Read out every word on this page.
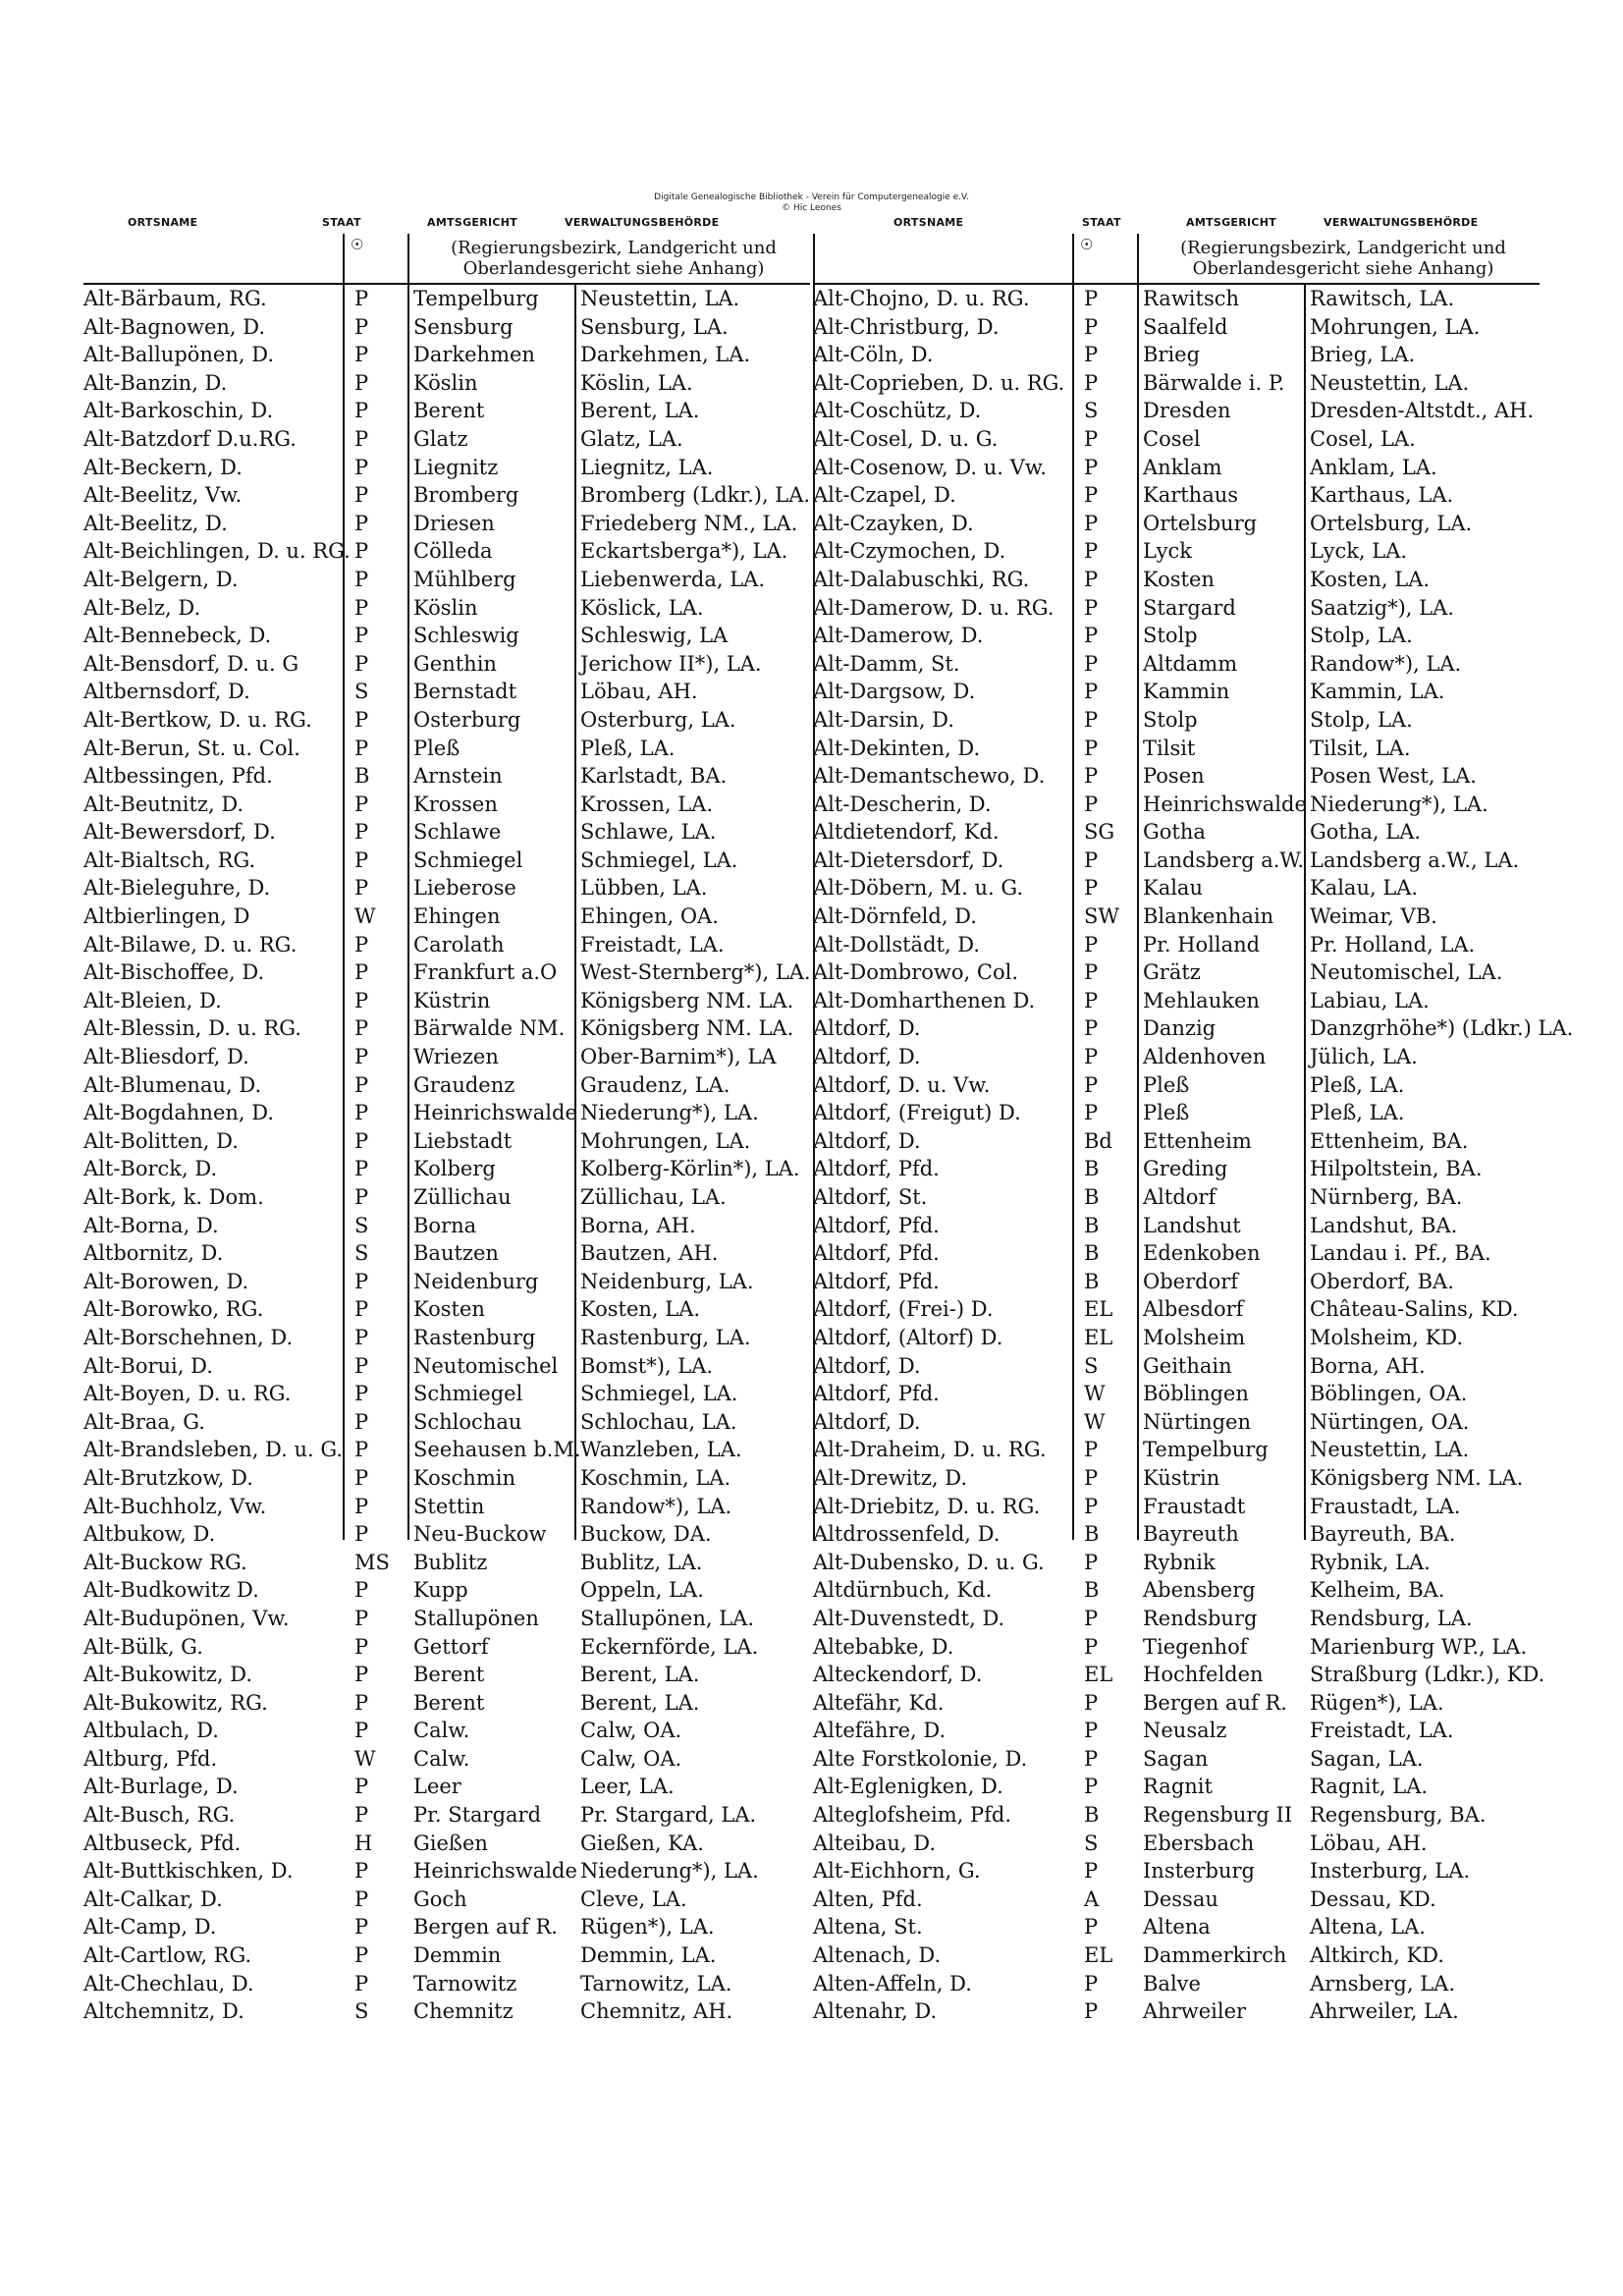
Digitale Genealogische Bibliothek - Verein für Computergenealogie e.V.
© Hic Leones
ORTSNAME	STAAT	AMTSGERICHT	VERWALTUNGSBEHÖRDE	ORTSNAME	STAAT	AMTSGERICHT	VERWALTUNGSBEHÖRDE
☉	(Regierungsbezirk, Landgericht und Oberlandesgericht siehe Anhang)
Alt-Bärbaum, RG.	P	Tempelburg	Neustettin, LA.
Alt-Bagnowen, D.	P	Sensburg	Sensburg, LA.
Alt-Ballupönen, D.	P	Darkehmen	Darkehmen, LA.
Alt-Banzin, D.	P	Köslin	Köslin, LA.
Alt-Barkoschin, D.	P	Berent	Berent, LA.
Alt-Batzdorf D.u.RG.	P	Glatz	Glatz, LA.
Alt-Beckern, D.	P	Liegnitz	Liegnitz, LA.
Alt-Beelitz, Vw.	P	Bromberg	Bromberg (Ldkr.), LA.
Alt-Beelitz, D.	P	Driesen	Friedeberg NM., LA.
Alt-Beichlingen, D. u. RG. P	Cölleda	Eckartsberga*), LA.
Alt-Belgern, D.	P	Mühlberg	Liebenwerda, LA.
Alt-Belz, D.	P	Köslin	Köslick, LA.
Alt-Bennebeck, D.	P	Schleswig	Schleswig, LA
Alt-Bensdorf, D. u. G	P	Genthin	Jerichow II*), LA.
Altbernsdorf, D.	S	Bernstadt	Löbau, AH.
Alt-Bertkow, D. u. RG.	P	Osterburg	Osterburg, LA.
Alt-Berun, St. u. Col.	P	Pleß	Pleß, LA.
Altbessingen, Pfd.	B	Arnstein	Karlstadt, BA.
Alt-Beutnitz, D.	P	Krossen	Krossen, LA.
Alt-Bewersdorf, D.	P	Schlawe	Schlawe, LA.
Alt-Bialtsch, RG.	P	Schmiegel	Schmiegel, LA.
Alt-Bieleguhre, D.	P	Lieberose	Lübben, LA.
Altbierlingen, D	W	Ehingen	Ehingen, OA.
Alt-Bilawe, D. u. RG.	P	Carolath	Freistadt, LA.
Alt-Bischoffee, D.	P	Frankfurt a.O	West-Sternberg*), LA.
Alt-Bleien, D.	P	Küstrin	Königsberg NM. LA.
Alt-Blessin, D. u. RG.	P	Bärwalde NM. Königsberg NM. LA.
Alt-Bliesdorf, D.	P	Wriezen	Ober-Barnim*), LA
Alt-Blumenau, D.	P	Graudenz	Graudenz, LA.
Alt-Bogdahnen, D.	P	Heinrichswalde Niederung*), LA.
Alt-Bolitten, D.	P	Liebstadt	Mohrungen, LA.
Alt-Borck, D.	P	Kolberg	Kolberg-Körlin*), LA.
Alt-Bork, k. Dom.	P	Züllichau	Züllichau, LA.
Alt-Borna, D.	S	Borna	Borna, AH.
Altbornitz, D.	S	Bautzen	Bautzen, AH.
Alt-Borowen, D.	P	Neidenburg	Neidenburg, LA.
Alt-Borowko, RG.	P	Kosten	Kosten, LA.
Alt-Borschehnen, D.	P	Rastenburg	Rastenburg, LA.
Alt-Borui, D.	P	Neutomischel	Bomst*), LA.
Alt-Boyen, D. u. RG.	P	Schmiegel	Schmiegel, LA.
Alt-Braa, G.	P	Schlochau	Schlochau, LA.
Alt-Brandsleben, D. u. G. P	Seehausen b.M. Wanzleben, LA.
Alt-Brutzkow, D.	P	Koschmin	Koschmin, LA.
Alt-Buchholz, Vw.	P	Stettin	Randow*), LA.
Altbukow, D.	P	Neu-Buckow	Buckow, DA.
Alt-Buckow RG.	MS	Bublitz	Bublitz, LA.
Alt-Budkowitz D.	P	Kupp	Oppeln, LA.
Alt-Budupönen, Vw.	P	Stallupönen	Stallupönen, LA.
Alt-Bülk, G.	P	Gettorf	Eckernförde, LA.
Alt-Bukowitz, D.	P	Berent	Berent, LA.
Alt-Bukowitz, RG.	P	Berent	Berent, LA.
Altbulach, D.	P	Calw.	Calw, OA.
Altburg, Pfd.	W	Calw.	Calw, OA.
Alt-Burlage, D.	P	Leer	Leer, LA.
Alt-Busch, RG.	P	Pr. Stargard	Pr. Stargard, LA.
Altbuseck, Pfd.	H	Gießen	Gießen, KA.
Alt-Buttkischken, D.	P	Heinrichswalde Niederung*), LA.
Alt-Calkar, D.	P	Goch	Cleve, LA.
Alt-Camp, D.	P	Bergen auf R.	Rügen*), LA.
Alt-Cartlow, RG.	P	Demmin	Demmin, LA.
Alt-Chechlau, D.	P	Tarnowitz	Tarnowitz, LA.
Altchemnitz, D.	S	Chemnitz	Chemnitz, AH.
☉	(Regierungsbezirk, Landgericht und Oberlandesgericht siehe Anhang)
Alt-Chojno, D. u. RG.	P	Rawitsch	Rawitsch, LA.
Alt-Christburg, D.	P	Saalfeld	Mohrungen, LA.
Alt-Cöln, D.	P	Brieg	Brieg, LA.
Alt-Coprieben, D. u. RG. P	Bärwalde i. P.	Neustettin, LA.
Alt-Coschütz, D.	S	Dresden	Dresden-Altstdt., AH.
Alt-Cosel, D. u. G.	P	Cosel	Cosel, LA.
Alt-Cosenow, D. u. Vw.	P	Anklam	Anklam, LA.
Alt-Czapel, D.	P	Karthaus	Karthaus, LA.
Alt-Czayken, D.	P	Ortelsburg	Ortelsburg, LA.
Alt-Czymochen, D.	P	Lyck	Lyck, LA.
Alt-Dalabuschki, RG.	P	Kosten	Kosten, LA.
Alt-Damerow, D. u. RG.	P	Stargard	Saatzig*), LA.
Alt-Damerow, D.	P	Stolp	Stolp, LA.
Alt-Damm, St.	P	Altdamm	Randow*), LA.
Alt-Dargsow, D.	P	Kammin	Kammin, LA.
Alt-Darsin, D.	P	Stolp	Stolp, LA.
Alt-Dekinten, D.	P	Tilsit	Tilsit, LA.
Alt-Demantschewo, D.	P	Posen	Posen West, LA.
Alt-Descherin, D.	P	Heinrichswalde Niederung*), LA.
Altdietendorf, Kd.	SG	Gotha	Gotha, LA.
Alt-Dietersdorf, D.	P	Landsberg a.W. Landsberg a.W., LA.
Alt-Döbern, M. u. G.	P	Kalau	Kalau, LA.
Alt-Dörnfeld, D.	SW	Blankenhain	Weimar, VB.
Alt-Dollstädt, D.	P	Pr. Holland	Pr. Holland, LA.
Alt-Dombrowo, Col.	P	Grätz	Neutomischel, LA.
Alt-Domharthenen D.	P	Mehlauken	Labiau, LA.
Altdorf, D.	P	Danzig	Danzgrhöhe*) (Ldkr.) LA.
Altdorf, D.	P	Aldenhoven	Jülich, LA.
Altdorf, D. u. Vw.	P	Pleß	Pleß, LA.
Altdorf, (Freigut) D.	P	Pleß	Pleß, LA.
Altdorf, D.	Bd	Ettenheim	Ettenheim, BA.
Altdorf, Pfd.	B	Greding	Hilpoltstein, BA.
Altdorf, St.	B	Altdorf	Nürnberg, BA.
Altdorf, Pfd.	B	Landshut	Landshut, BA.
Altdorf, Pfd.	B	Edenkoben	Landau i. Pf., BA.
Altdorf, Pfd.	B	Oberdorf	Oberdorf, BA.
Altdorf, (Frei-) D.	EL	Albesdorf	Château-Salins, KD.
Altdorf, (Altorf) D.	EL	Molsheim	Molsheim, KD.
Altdorf, D.	S	Geithain	Borna, AH.
Altdorf, Pfd.	W	Böblingen	Böblingen, OA.
Altdorf, D.	W	Nürtingen	Nürtingen, OA.
Alt-Draheim, D. u. RG.	P	Tempelburg	Neustettin, LA.
Alt-Drewitz, D.	P	Küstrin	Königsberg NM. LA.
Alt-Driebitz, D. u. RG.	P	Fraustadt	Fraustadt, LA.
Altdrossenfeld, D.	B	Bayreuth	Bayreuth, BA.
Alt-Dubensko, D. u. G.	P	Rybnik	Rybnik, LA.
Altdürnbuch, Kd.	B	Abensberg	Kelheim, BA.
Alt-Duvenstedt, D.	P	Rendsburg	Rendsburg, LA.
Altebabke, D.	P	Tiegenhof	Marienburg WP., LA.
Alteckendorf, D.	EL	Hochfelden	Straßburg (Ldkr.), KD.
Altefähr, Kd.	P	Bergen auf R.	Rügen*), LA.
Altefähre, D.	P	Neusalz	Freistadt, LA.
Alte Forstkolonie, D.	P	Sagan	Sagan, LA.
Alt-Eglenigken, D.	P	Ragnit	Ragnit, LA.
Alteglofsheim, Pfd.	B	Regensburg II Regensburg, BA.
Alteibau, D.	S	Ebersbach	Löbau, AH.
Alt-Eichhorn, G.	P	Insterburg	Insterburg, LA.
Alten, Pfd.	A	Dessau	Dessau, KD.
Altena, St.	P	Altena	Altena, LA.
Altenach, D.	EL	Dammerkirch	Altkirch, KD.
Alten-Affeln, D.	P	Balve	Arnsberg, LA.
Altenahr, D.	P	Ahrweiler	Ahrweiler, LA.
